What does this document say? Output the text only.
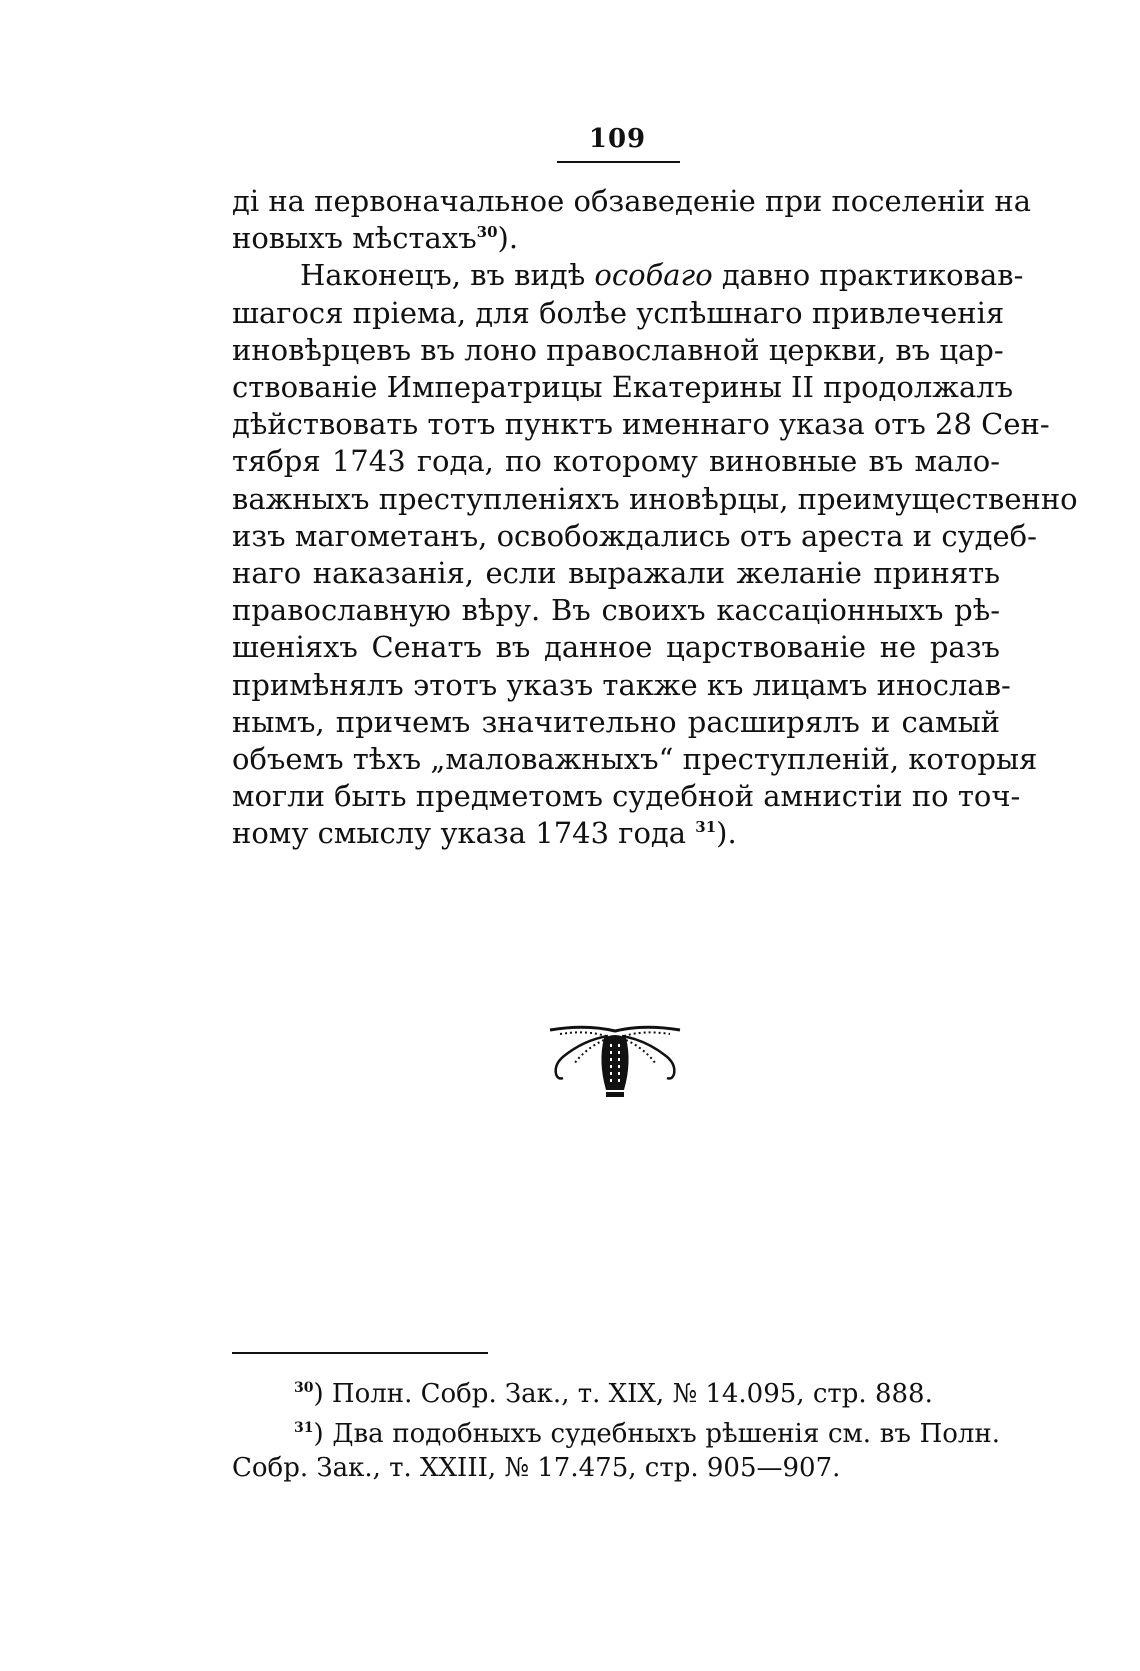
109
ді на первоначальное обзаведеніе при поселеніи на
новыхъ мѣстахъ$^{30}$).
Наконецъ, въ видѣ особаго давно практиковав-
шагося пріема, для болѣе успѣшнаго привлеченія
иновѣрцевъ въ лоно православной церкви, въ цар-
ствованіе Императрицы Екатерины II продолжалъ
дѣйствовать тотъ пунктъ именнаго указа отъ 28 Сен-
тября 1743 года, по которому виновные въ мало-
важныхъ преступленіяхъ иновѣрцы, преимущественно
изъ магометанъ, освобождались отъ ареста и судеб-
наго наказанія, если выражали желаніе принять
православную вѣру. Въ своихъ кассаціонныхъ рѣ-
шеніяхъ Сенатъ въ данное царствованіе не разъ
примѣнялъ этотъ указъ также къ лицамъ инослав-
нымъ, причемъ значительно расширялъ и самый
объемъ тѣхъ „маловажныхъ“ преступленій, которыя
могли быть предметомъ судебной амнистіи по точ-
ному смыслу указа 1743 года $^{31}$).
$^{30}$) Полн. Собр. Зак., т. XIX, № 14.095, стр. 888.
$^{31}$) Два подобныхъ судебныхъ рѣшенія см. въ Полн.
Собр. Зак., т. XXIII, № 17.475, стр. 905—907.
